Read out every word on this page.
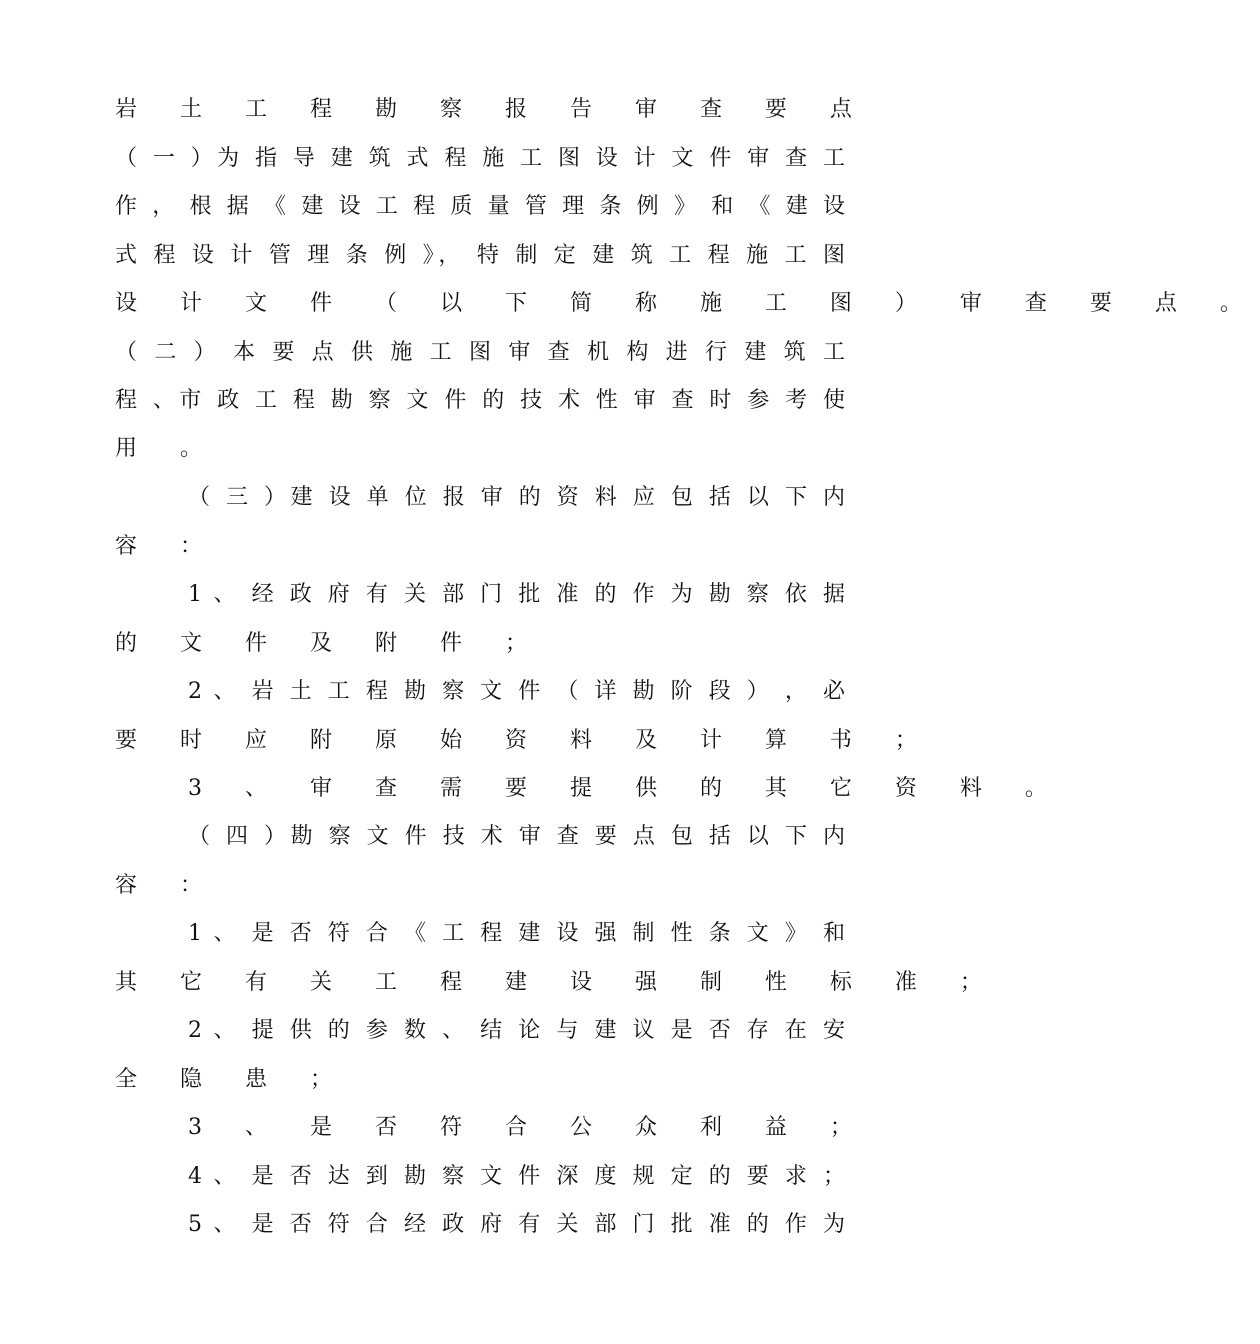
岩 土 工 程 勘 察 报 告 审 查 要 点
（ 一 ）为 指 导 建 筑 式 程 施 工 图 设 计 文 件 审 查 工
作 ， 根 据 《 建 设 工 程 质 量 管 理 条 例 》 和 《 建 设
式 程 设 计 管 理 条 例 》， 特 制 定 建 筑 工 程 施 工 图
设 计 文 件 （ 以 下 简 称 施 工 图 ） 审 查 要 点 。
（ 二 ） 本 要 点 供 施 工 图 审 查 机 构 进 行 建 筑 工
程 、市 政 工 程 勘 察 文 件 的 技 术 性 审 查 时 参 考 使
用 。
（ 三 ）建 设 单 位 报 审 的 资 料 应 包 括 以 下 内
容 ：
1 、 经 政 府 有 关 部 门 批 准 的 作 为 勘 察 依 据
的 文 件 及 附 件 ；
2 、 岩 土 工 程 勘 察 文 件 （ 详 勘 阶 段 ） ， 必
要 时 应 附 原 始 资 料 及 计 算 书 ；
3 、 审 查 需 要 提 供 的 其 它 资 料 。
（ 四 ）勘 察 文 件 技 术 审 查 要 点 包 括 以 下 内
容 ：
1 、 是 否 符 合 《 工 程 建 设 强 制 性 条 文 》 和
其 它 有 关 工 程 建 设 强 制 性 标 准 ；
2 、 提 供 的 参 数 、 结 论 与 建 议 是 否 存 在 安
全 隐 患 ；
3 、 是 否 符 合 公 众 利 益 ；
4 、 是 否 达 到 勘 察 文 件 深 度 规 定 的 要 求 ；
5 、 是 否 符 合 经 政 府 有 关 部 门 批 准 的 作 为
